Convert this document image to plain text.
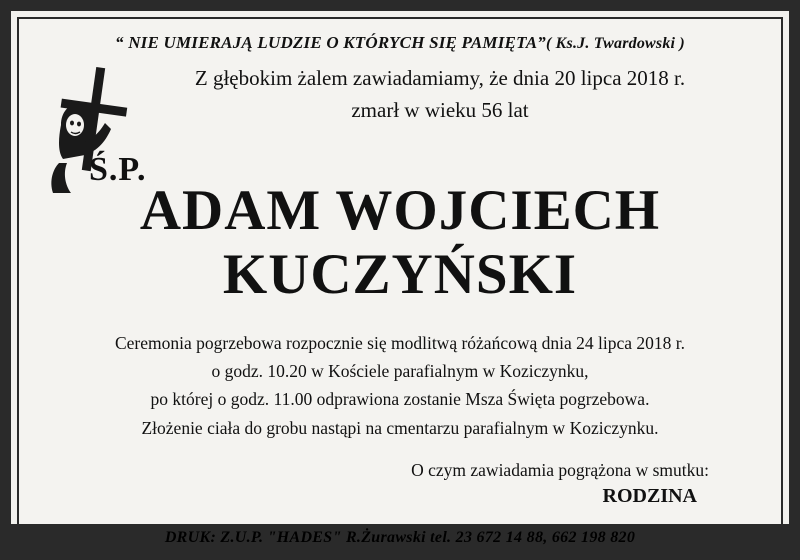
“ NIE UMIERAJĄ LUDZIE O KTÓRYCH SIĘ PAMIĘTA”( Ks.J. Twardowski )
Ś.P.
Z głębokim żalem zawiadamiamy, że dnia 20 lipca 2018 r.
zmarł w wieku 56 lat
ADAM WOJCIECH
KUCZYŃSKI
Ceremonia pogrzebowa rozpocznie się modlitwą różańcową dnia 24 lipca 2018 r.
o godz. 10.20 w Kościele parafialnym w Koziczynku,
po której o godz. 11.00 odprawiona zostanie Msza Święta pogrzebowa.
Złożenie ciała do grobu nastąpi na cmentarzu parafialnym w Koziczynku.
O czym zawiadamia pogrążona w smutku:
RODZINA
DRUK: Z.U.P. "HADES" R.Żurawski tel. 23 672 14 88, 662 198 820
